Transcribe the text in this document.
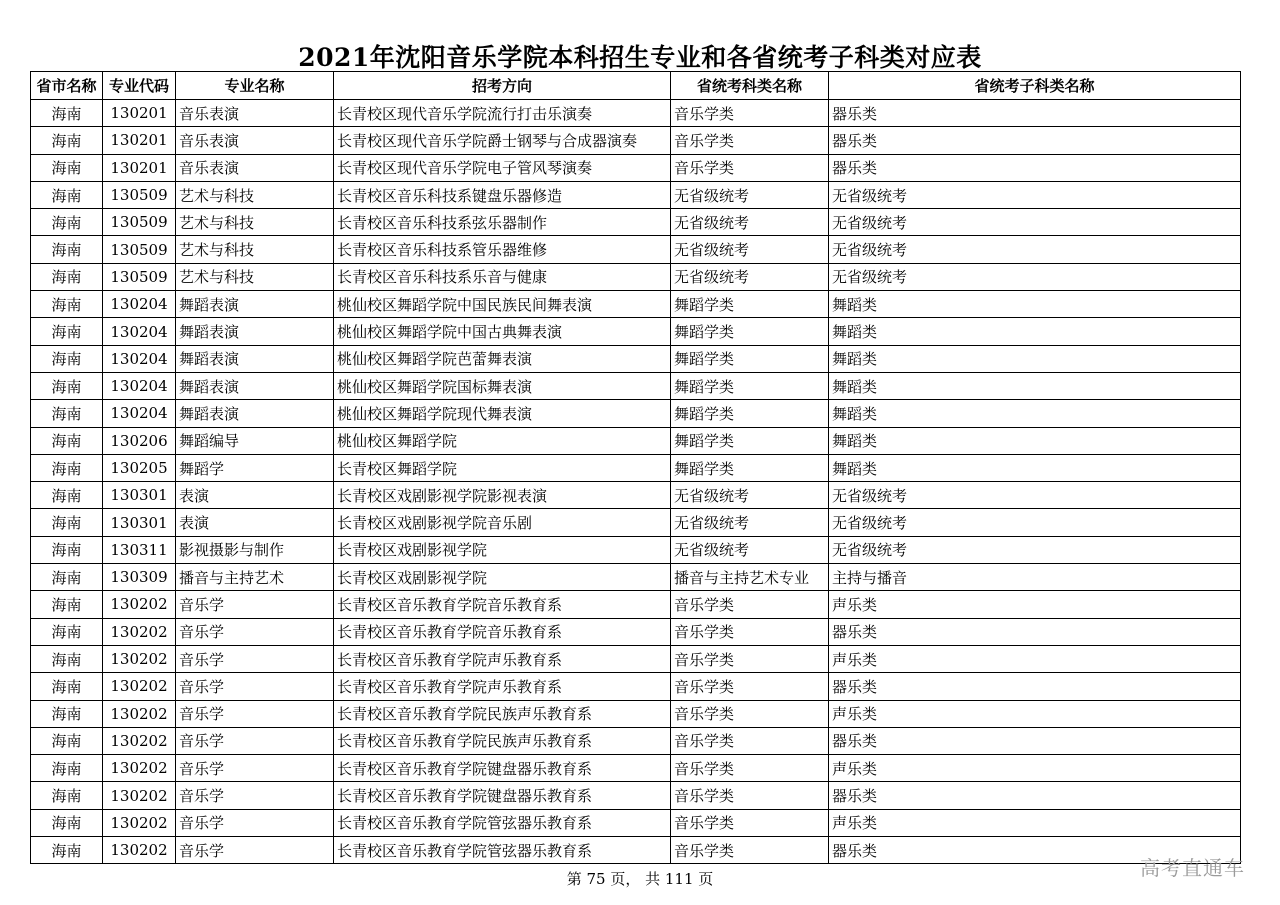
2021年沈阳音乐学院本科招生专业和各省统考子科类对应表
省市名称	专业代码	专业名称	招考方向	省统考科类名称	省统考子科类名称
海南	130201	音乐表演	长青校区现代音乐学院流行打击乐演奏	音乐学类	器乐类
海南	130201	音乐表演	长青校区现代音乐学院爵士钢琴与合成器演奏	音乐学类	器乐类
海南	130201	音乐表演	长青校区现代音乐学院电子管风琴演奏	音乐学类	器乐类
海南	130509	艺术与科技	长青校区音乐科技系键盘乐器修造	无省级统考	无省级统考
海南	130509	艺术与科技	长青校区音乐科技系弦乐器制作	无省级统考	无省级统考
海南	130509	艺术与科技	长青校区音乐科技系管乐器维修	无省级统考	无省级统考
海南	130509	艺术与科技	长青校区音乐科技系乐音与健康	无省级统考	无省级统考
海南	130204	舞蹈表演	桃仙校区舞蹈学院中国民族民间舞表演	舞蹈学类	舞蹈类
海南	130204	舞蹈表演	桃仙校区舞蹈学院中国古典舞表演	舞蹈学类	舞蹈类
海南	130204	舞蹈表演	桃仙校区舞蹈学院芭蕾舞表演	舞蹈学类	舞蹈类
海南	130204	舞蹈表演	桃仙校区舞蹈学院国标舞表演	舞蹈学类	舞蹈类
海南	130204	舞蹈表演	桃仙校区舞蹈学院现代舞表演	舞蹈学类	舞蹈类
海南	130206	舞蹈编导	桃仙校区舞蹈学院	舞蹈学类	舞蹈类
海南	130205	舞蹈学	长青校区舞蹈学院	舞蹈学类	舞蹈类
海南	130301	表演	长青校区戏剧影视学院影视表演	无省级统考	无省级统考
海南	130301	表演	长青校区戏剧影视学院音乐剧	无省级统考	无省级统考
海南	130311	影视摄影与制作	长青校区戏剧影视学院	无省级统考	无省级统考
海南	130309	播音与主持艺术	长青校区戏剧影视学院	播音与主持艺术专业	主持与播音
海南	130202	音乐学	长青校区音乐教育学院音乐教育系	音乐学类	声乐类
海南	130202	音乐学	长青校区音乐教育学院音乐教育系	音乐学类	器乐类
海南	130202	音乐学	长青校区音乐教育学院声乐教育系	音乐学类	声乐类
海南	130202	音乐学	长青校区音乐教育学院声乐教育系	音乐学类	器乐类
海南	130202	音乐学	长青校区音乐教育学院民族声乐教育系	音乐学类	声乐类
海南	130202	音乐学	长青校区音乐教育学院民族声乐教育系	音乐学类	器乐类
海南	130202	音乐学	长青校区音乐教育学院键盘器乐教育系	音乐学类	声乐类
海南	130202	音乐学	长青校区音乐教育学院键盘器乐教育系	音乐学类	器乐类
海南	130202	音乐学	长青校区音乐教育学院管弦器乐教育系	音乐学类	声乐类
海南	130202	音乐学	长青校区音乐教育学院管弦器乐教育系	音乐学类	器乐类
第 75 页， 共 111 页	高考直通车
